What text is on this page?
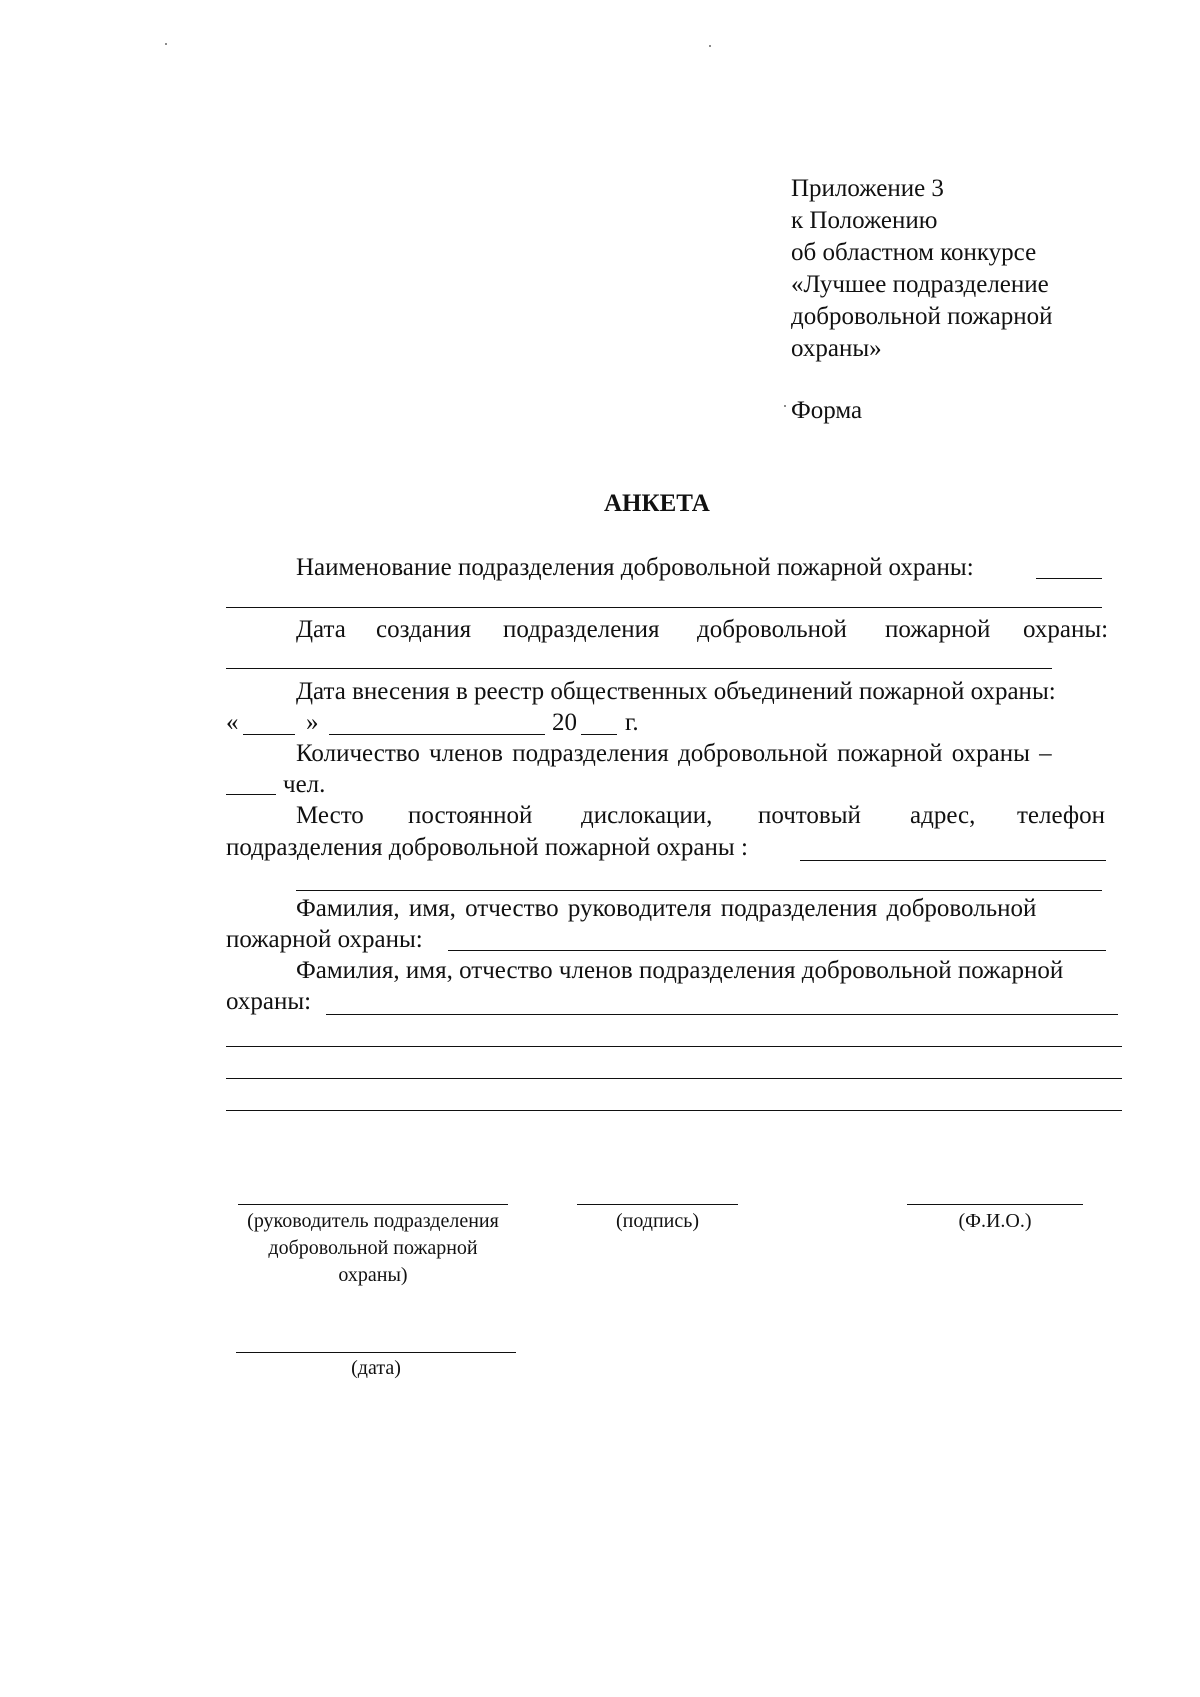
Приложение 3
к Положению
об областном конкурсе
«Лучшее подразделение
добровольной пожарной
охраны»
Форма
АНКЕТА
Наименование подразделения добровольной пожарной охраны:
Дата создания подразделения добровольной пожарной охраны:
Дата внесения в реестр общественных объединений пожарной охраны:
«	»	20 г.
Количество членов подразделения добровольной пожарной охраны –
чел.
Место постоянной дислокации, почтовый адрес, телефон
подразделения добровольной пожарной охраны :
Фамилия, имя, отчество руководителя подразделения добровольной
пожарной охраны:
Фамилия, имя, отчество членов подразделения добровольной пожарной
охраны:
(руководитель подразделения
добровольной пожарной
охраны)
(подпись)	(Ф.И.О.)
(дата)
